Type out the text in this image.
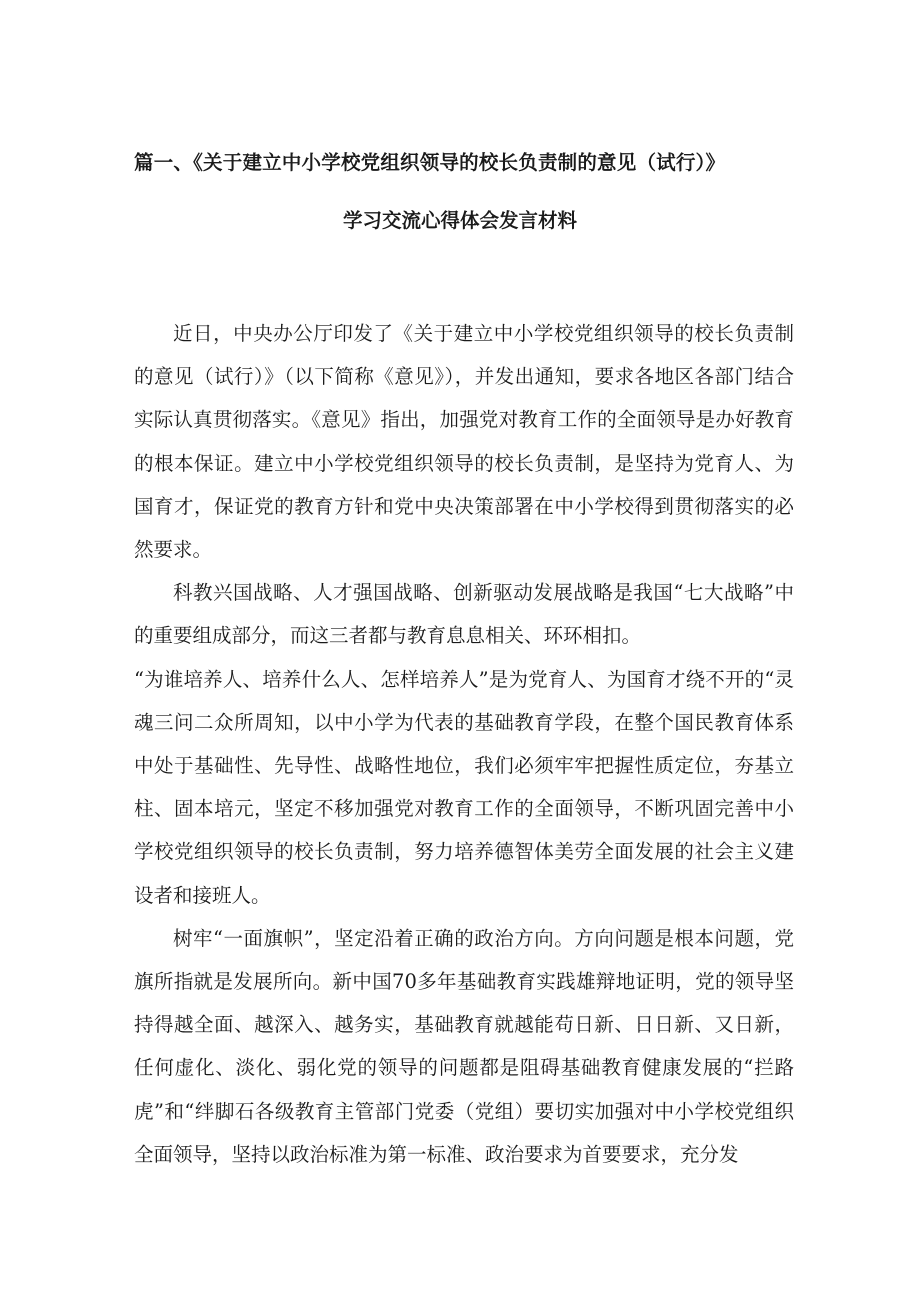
篇一、《关于建立中小学校党组织领导的校长负责制的意见（试行）》
学习交流心得体会发言材料

近日，中央办公厅印发了《关于建立中小学校党组织领导的校长负责制的意见（试行）》（以下简称《意见》），并发出通知，要求各地区各部门结合实际认真贯彻落实。《意见》指出，加强党对教育工作的全面领导是办好教育的根本保证。建立中小学校党组织领导的校长负责制，是坚持为党育人、为国育才，保证党的教育方针和党中央决策部署在中小学校得到贯彻落实的必然要求。

科教兴国战略、人才强国战略、创新驱动发展战略是我国“七大战略”中的重要组成部分，而这三者都与教育息息相关、环环相扣。

“为谁培养人、培养什么人、怎样培养人”是为党育人、为国育才绕不开的“灵魂三问二众所周知，以中小学为代表的基础教育学段，在整个国民教育体系中处于基础性、先导性、战略性地位，我们必须牢牢把握性质定位，夯基立柱、固本培元，坚定不移加强党对教育工作的全面领导，不断巩固完善中小学校党组织领导的校长负责制，努力培养德智体美劳全面发展的社会主义建设者和接班人。

树牢“一面旗帜”，坚定沿着正确的政治方向。方向问题是根本问题，党旗所指就是发展所向。新中国70多年基础教育实践雄辩地证明，党的领导坚持得越全面、越深入、越务实，基础教育就越能苟日新、日日新、又日新，任何虚化、淡化、弱化党的领导的问题都是阻碍基础教育健康发展的“拦路虎”和“绊脚石各级教育主管部门党委（党组）要切实加强对中小学校党组织全面领导，坚持以政治标准为第一标准、政治要求为首要要求，充分发
